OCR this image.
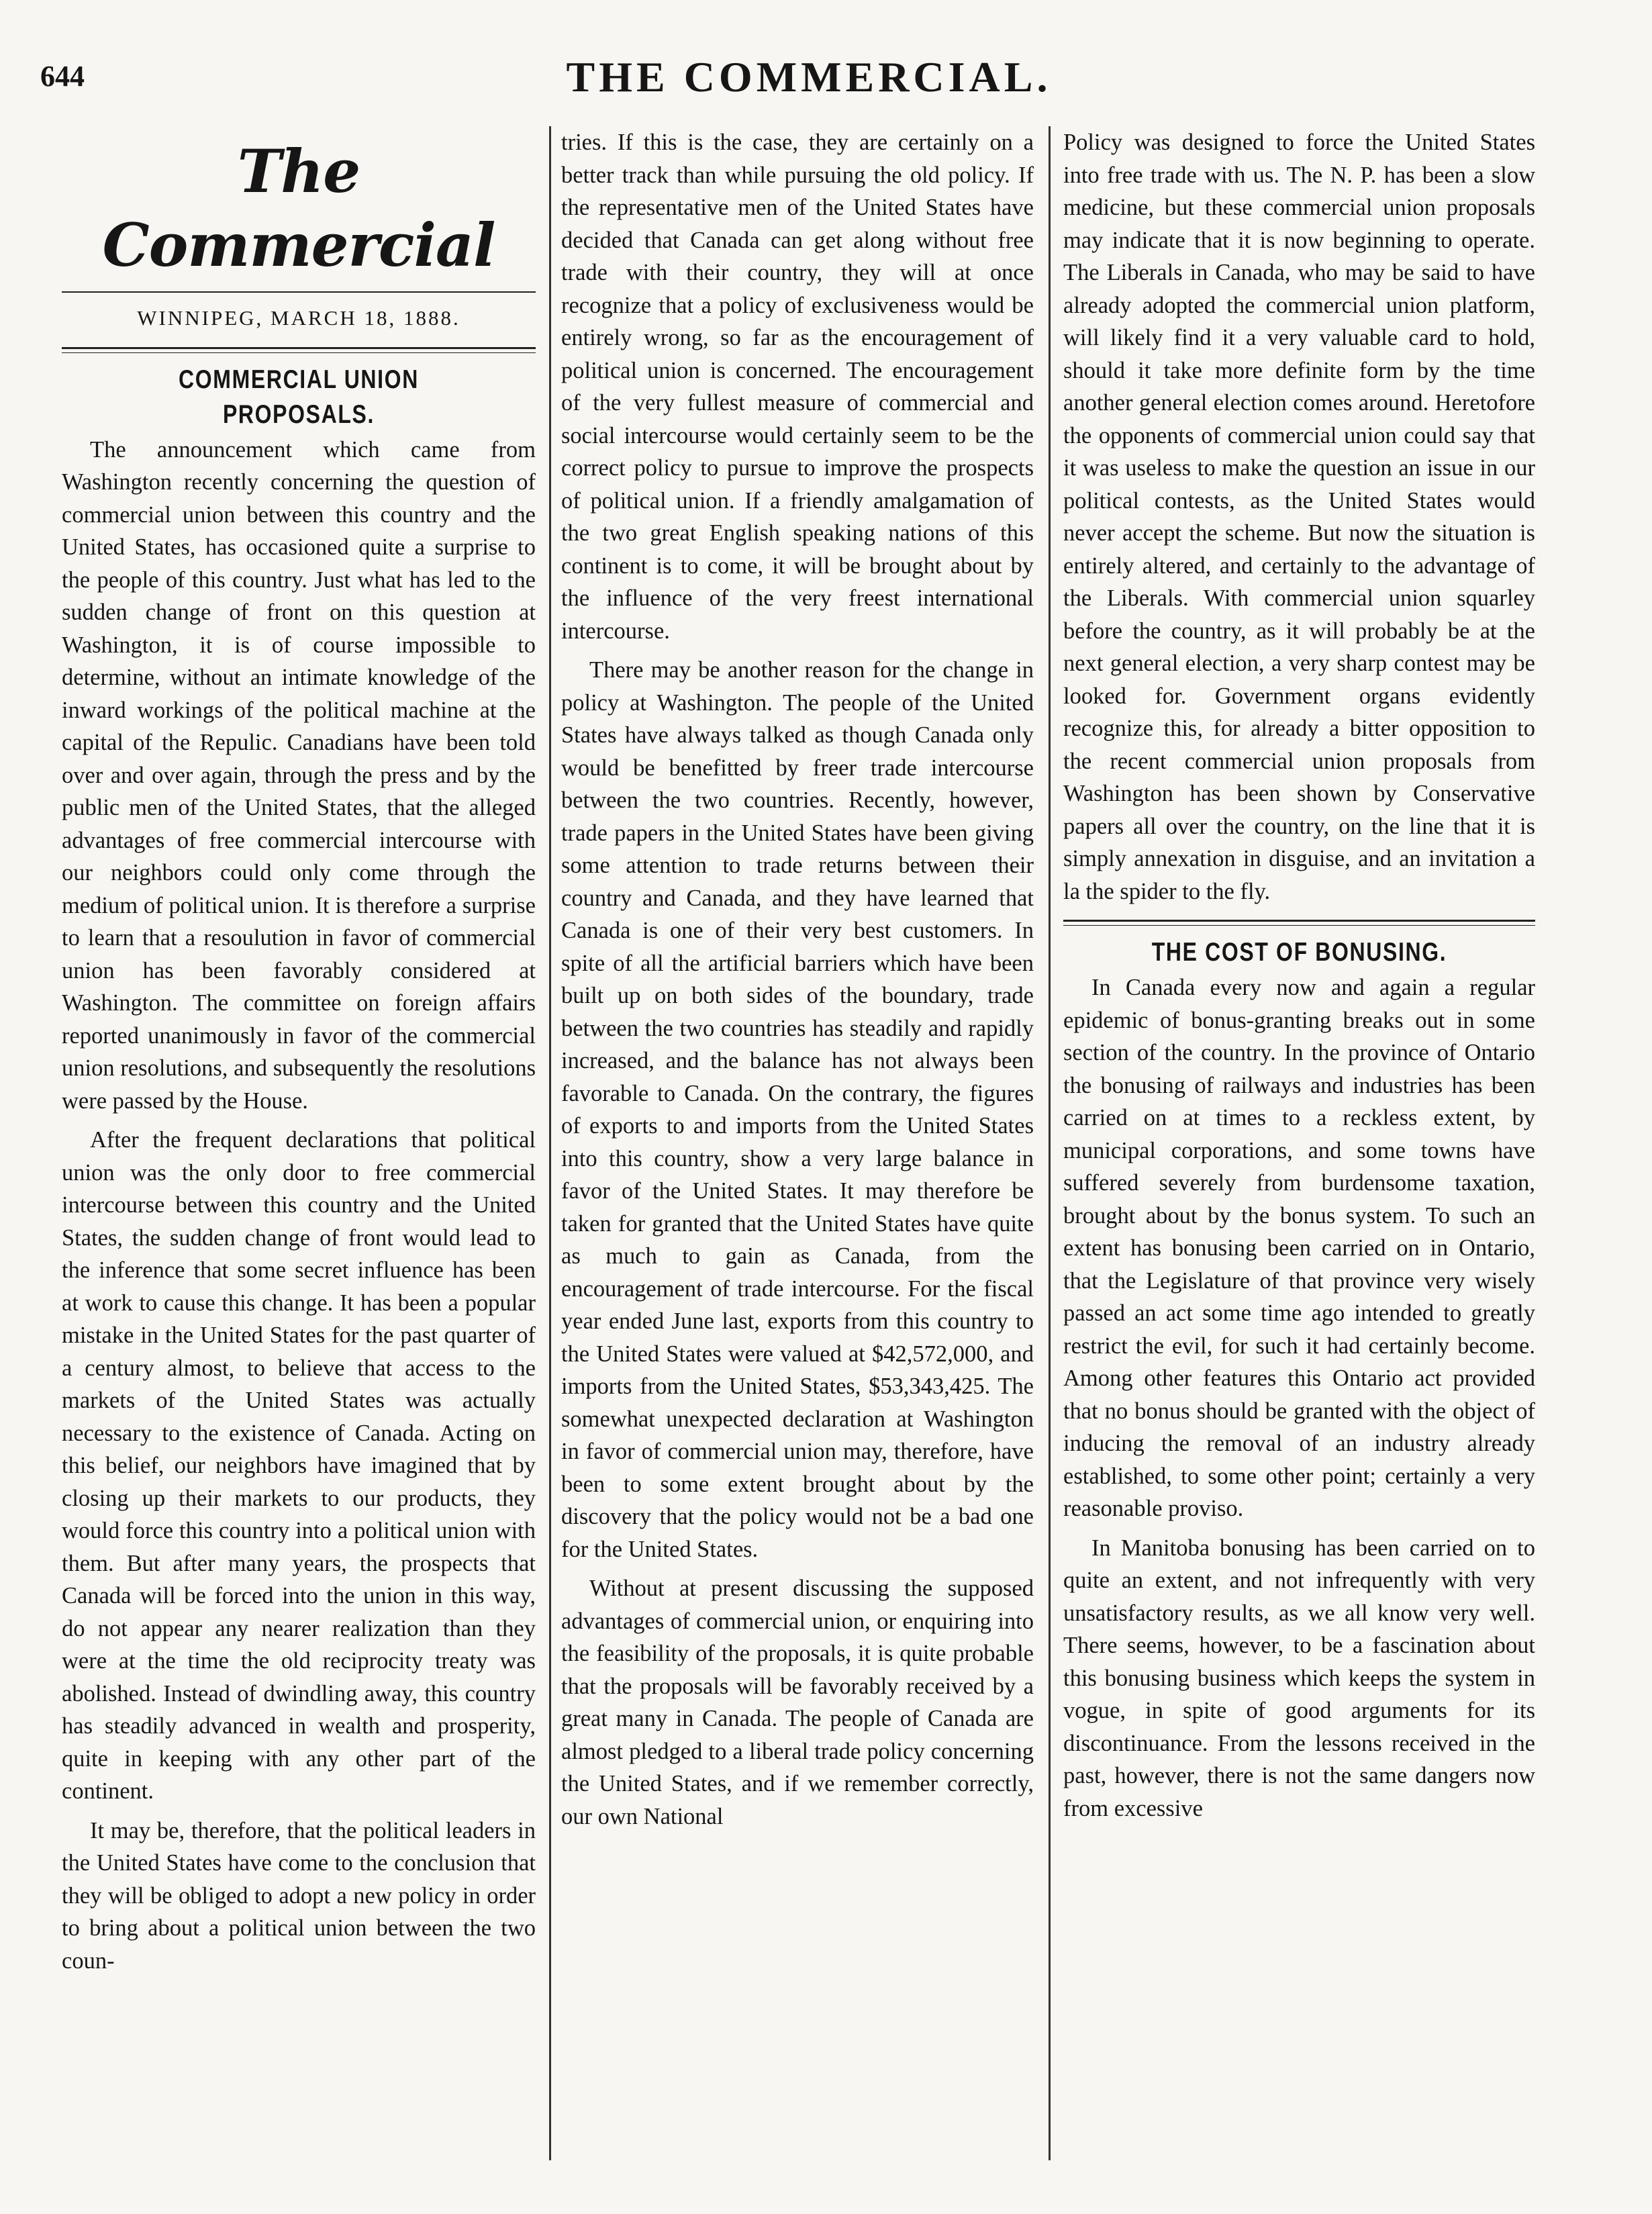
644	THE COMMERCIAL.
The Commercial
WINNIPEG, MARCH 18, 1888.
COMMERCIAL UNION PROPOSALS.

The announcement which came from Washington recently concerning the question of commercial union between this country and the United States, has occasioned quite a surprise to the people of this country. Just what has led to the sudden change of front on this question at Washington, it is of course impossible to determine, without an intimate knowledge of the inward workings of the political machine at the capital of the Repulic. Canadians have been told over and over again, through the press and by the public men of the United States, that the alleged advantages of free commercial intercourse with our neighbors could only come through the medium of political union. It is therefore a surprise to learn that a resoulution in favor of commercial union has been favorably considered at Washington. The committee on foreign affairs reported unanimously in favor of the commercial union resolutions, and subsequently the resolutions were passed by the House.

After the frequent declarations that political union was the only door to free commercial intercourse between this country and the United States, the sudden change of front would lead to the inference that some secret influence has been at work to cause this change. It has been a popular mistake in the United States for the past quarter of a century almost, to believe that access to the markets of the United States was actually necessary to the existence of Canada. Acting on this belief, our neighbors have imagined that by closing up their markets to our products, they would force this country into a political union with them. But after many years, the prospects that Canada will be forced into the union in this way, do not appear any nearer realization than they were at the time the old reciprocity treaty was abolished. Instead of dwindling away, this country has steadily advanced in wealth and prosperity, quite in keeping with any other part of the continent.

It may be, therefore, that the political leaders in the United States have come to the conclusion that they will be obliged to adopt a new policy in order to bring about a political union between the two coun-

tries. If this is the case, they are certainly on a better track than while pursuing the old policy. If the representative men of the United States have decided that Canada can get along without free trade with their country, they will at once recognize that a policy of exclusiveness would be entirely wrong, so far as the encouragement of political union is concerned. The encouragement of the very fullest measure of commercial and social intercourse would certainly seem to be the correct policy to pursue to improve the prospects of political union. If a friendly amalgamation of the two great English speaking nations of this continent is to come, it will be brought about by the influence of the very freest international intercourse.

There may be another reason for the change in policy at Washington. The people of the United States have always talked as though Canada only would be benefitted by freer trade intercourse between the two countries. Recently, however, trade papers in the United States have been giving some attention to trade returns between their country and Canada, and they have learned that Canada is one of their very best customers. In spite of all the artificial barriers which have been built up on both sides of the boundary, trade between the two countries has steadily and rapidly increased, and the balance has not always been favorable to Canada. On the contrary, the figures of exports to and imports from the United States into this country, show a very large balance in favor of the United States. It may therefore be taken for granted that the United States have quite as much to gain as Canada, from the encouragement of trade intercourse. For the fiscal year ended June last, exports from this country to the United States were valued at $42,572,000, and imports from the United States, $53,343,425. The somewhat unexpected declaration at Washington in favor of commercial union may, therefore, have been to some extent brought about by the discovery that the policy would not be a bad one for the United States.

Without at present discussing the supposed advantages of commercial union, or enquiring into the feasibility of the proposals, it is quite probable that the proposals will be favorably received by a great many in Canada. The people of Canada are almost pledged to a liberal trade policy concerning the United States, and if we remember correctly, our own National

Policy was designed to force the United States into free trade with us. The N. P. has been a slow medicine, but these commercial union proposals may indicate that it is now beginning to operate. The Liberals in Canada, who may be said to have already adopted the commercial union platform, will likely find it a very valuable card to hold, should it take more definite form by the time another general election comes around. Heretofore the opponents of commercial union could say that it was useless to make the question an issue in our political contests, as the United States would never accept the scheme. But now the situation is entirely altered, and certainly to the advantage of the Liberals. With commercial union squarley before the country, as it will probably be at the next general election, a very sharp contest may be looked for. Government organs evidently recognize this, for already a bitter opposition to the recent commercial union proposals from Washington has been shown by Conservative papers all over the country, on the line that it is simply annexation in disguise, and an invitation a la the spider to the fly.

THE COST OF BONUSING.

In Canada every now and again a regular epidemic of bonus-granting breaks out in some section of the country. In the province of Ontario the bonusing of railways and industries has been carried on at times to a reckless extent, by municipal corporations, and some towns have suffered severely from burdensome taxation, brought about by the bonus system. To such an extent has bonusing been carried on in Ontario, that the Legislature of that province very wisely passed an act some time ago intended to greatly restrict the evil, for such it had certainly become. Among other features this Ontario act provided that no bonus should be granted with the object of inducing the removal of an industry already established, to some other point; certainly a very reasonable proviso.

In Manitoba bonusing has been carried on to quite an extent, and not infrequently with very unsatisfactory results, as we all know very well. There seems, however, to be a fascination about this bonusing business which keeps the system in vogue, in spite of good arguments for its discontinuance. From the lessons received in the past, however, there is not the same dangers now from excessive
